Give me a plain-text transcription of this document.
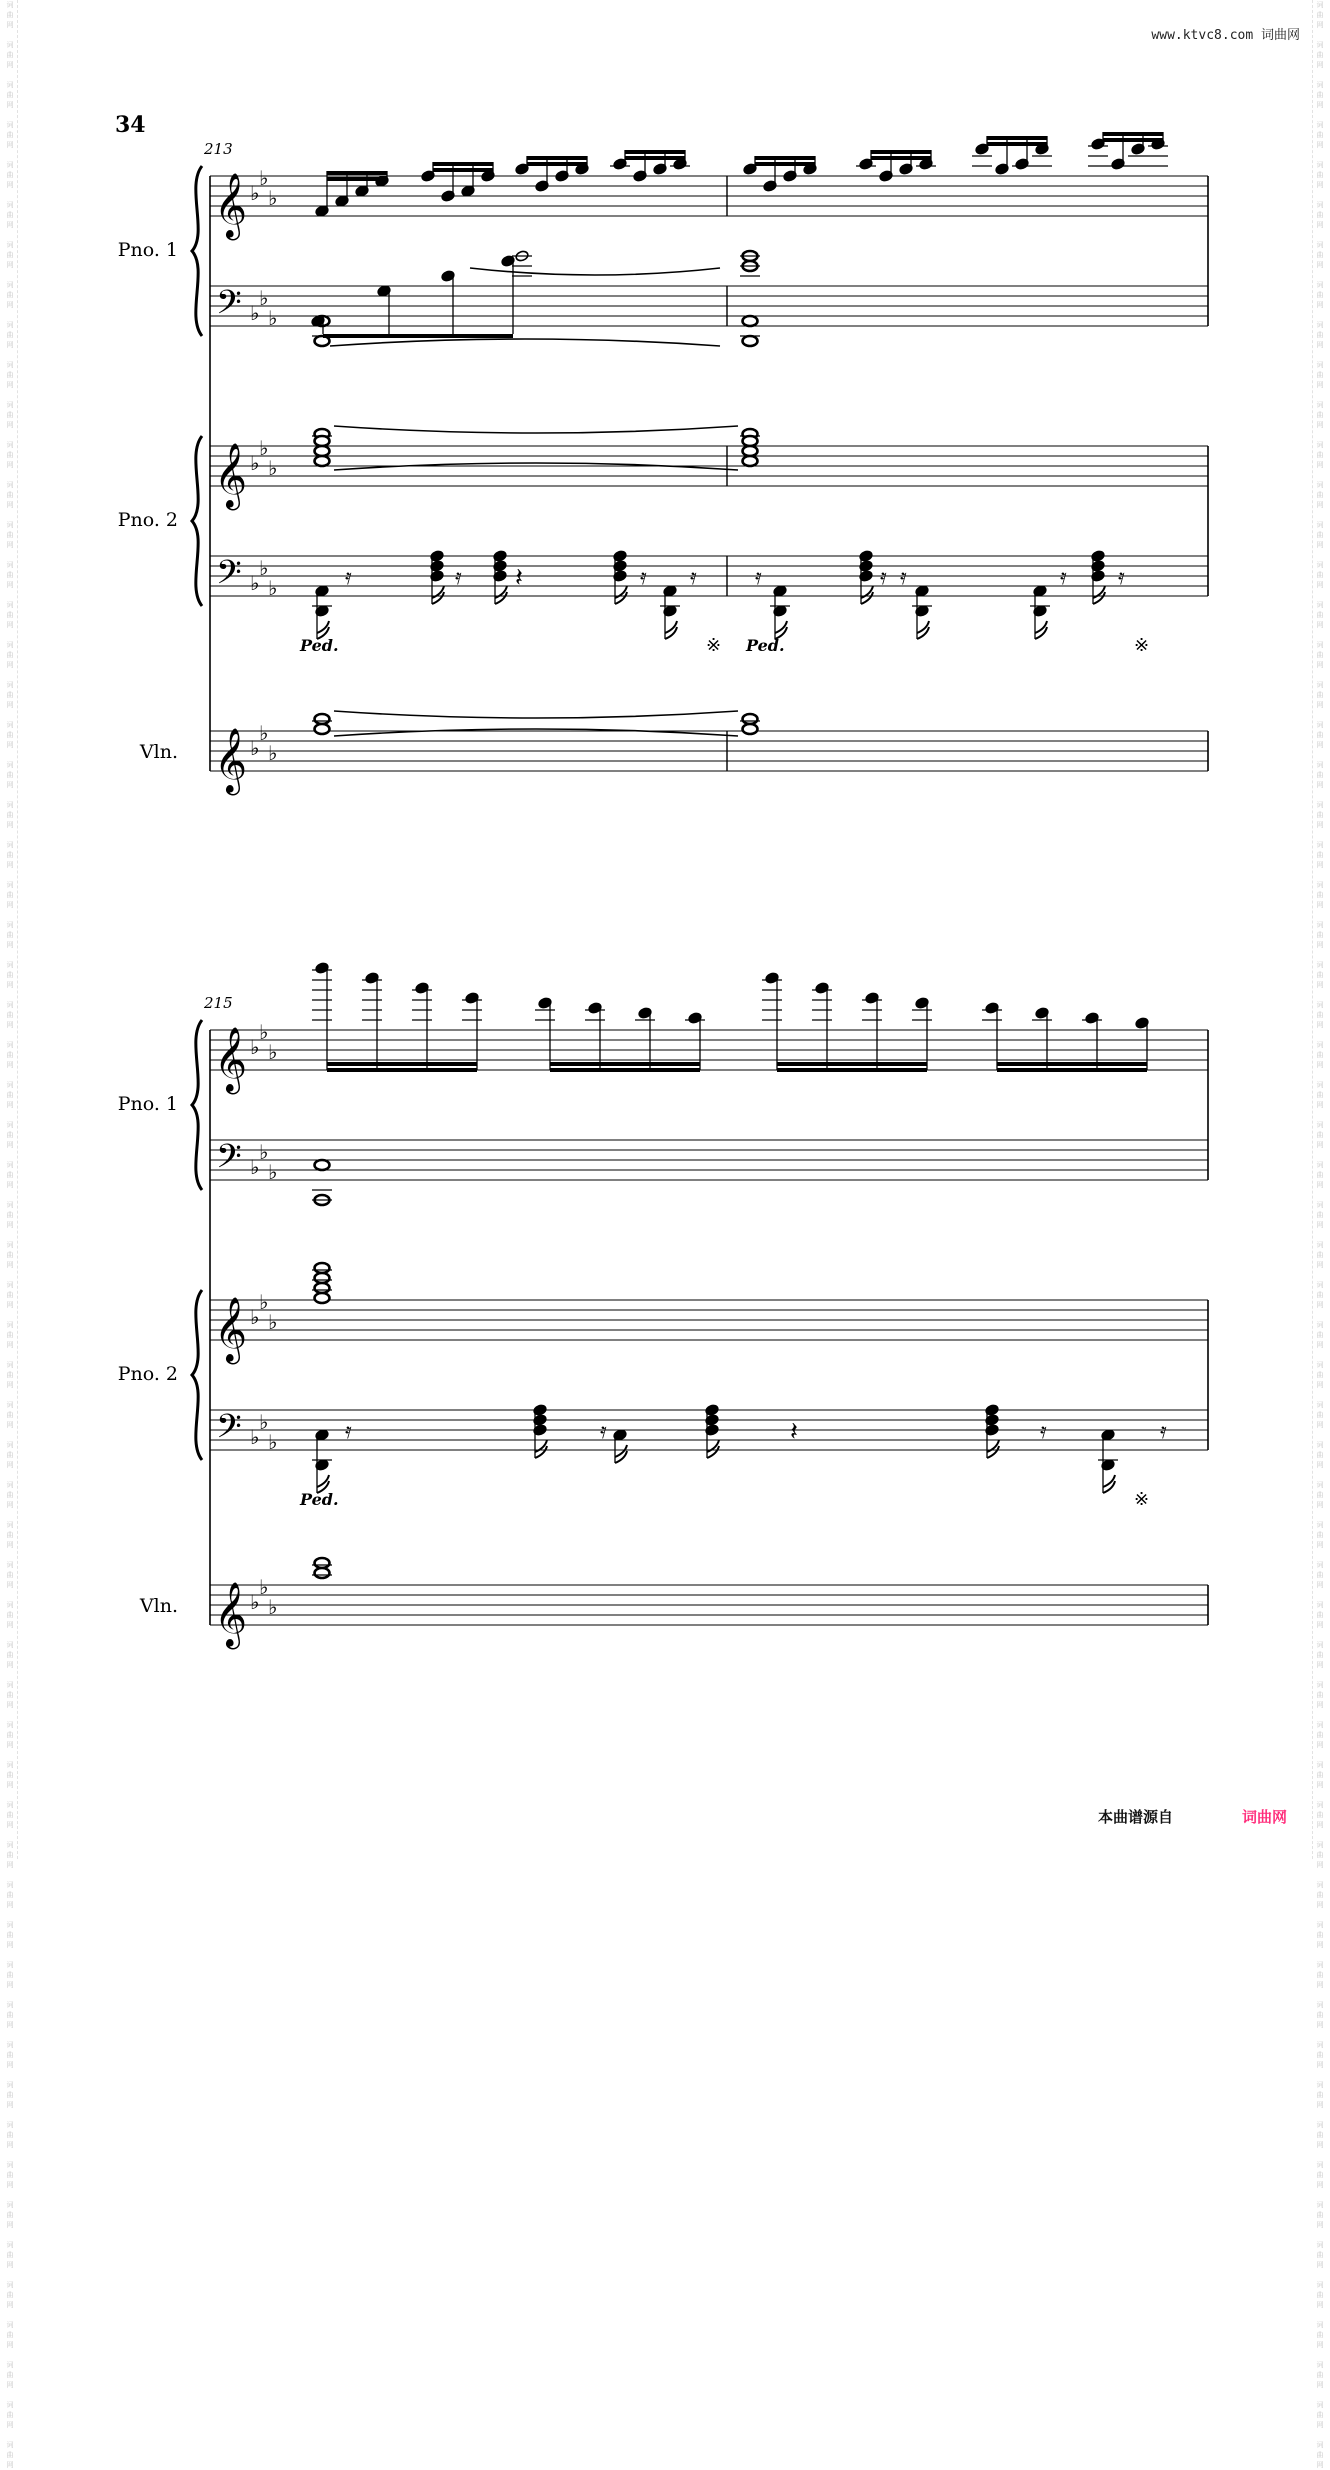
词
曲
网

词
曲
网

词
曲
网

词
曲
网

词
曲
网

词
曲
网

词
曲
网

词
曲
网

词
曲
网

词
曲
网

词
曲
网

词
曲
网

词
曲
网

词
曲
网

词
曲
网

词
曲
网

词
曲
网

词
曲
网

词
曲
网

词
曲
网

词
曲
网

词
曲
网

词
曲
网

词
曲
网

词
曲
网

词
曲
网

词
曲
网

词
曲
网

词
曲
网

词
曲
网

词
曲
网

词
曲
网

词
曲
网

词
曲
网

词
曲
网

词
曲
网

词
曲
网

词
曲
网

词
曲
网

词
曲
网

词
曲
网

词
曲
网

词
曲
网

词
曲
网

词
曲
网

词
曲
网

词
曲
网

词
曲
网

词
曲
网

词
曲
网

词
曲
网

词
曲
网

词
曲
网

词
曲
网

词
曲
网

词
曲
网

词
曲
网

词
曲
网

词
曲
网

词
曲
网

词
曲
网

词
曲
网

词
曲
网

词
曲
网

词
曲
网

词
曲
网

词
曲
网

词
曲
网

词
曲
网

词
曲
网

词
曲
网

词
曲
网

词
曲
网

词
曲
网

词
曲
网

词
曲
网

词
曲
网

词
曲
网

词
曲
网

词
曲
网

词
曲
网

词
曲
网

词
曲
网

词
曲
网

词
曲
网

词
曲
网

词
曲
网

词
曲
网

词
曲
网

词
曲
网

词
曲
网

词
曲
网

词
曲
网

词
曲
网

词
曲
网

词
曲
网

词
曲
网

词
曲
网

词
曲
网

词
曲
网

词
曲
网

词
曲
网

词
曲
网

词
曲
网

词
曲
网

词
曲
网

词
曲
网

词
曲
网

词
曲
网

词
曲
网

词
曲
网

词
曲
网

词
曲
网

词
曲
网

词
曲
网

词
曲
网

词
曲
网

词
曲
网

词
曲
网

词
曲
网

词
曲
网

词
曲
网

词
曲
网

词
曲
网

www.ktvc8.com 词曲网
34
𝄞
𝄢
𝄞
𝄢
𝄞
♭
♭
♭
♭
♭
♭
♭
♭
♭
♭
♭
♭
♭
♭
♭
213
Pno. 1
Pno. 2
Vln.
Ped.	Ped.
※	※
𝄿	𝄿	𝄿 𝄿	𝄿	𝄿 𝄿	𝄿 𝄿
𝄽
𝄞
𝄢
𝄞
𝄢
𝄞
♭
♭
♭
♭
♭
♭
♭
♭
♭
♭
♭
♭
♭
♭
♭
215
Pno. 1
Pno. 2
Vln.
Ped.	※
𝄿	𝄿	𝄿	𝄿
𝄽
本曲谱源自	词曲网
